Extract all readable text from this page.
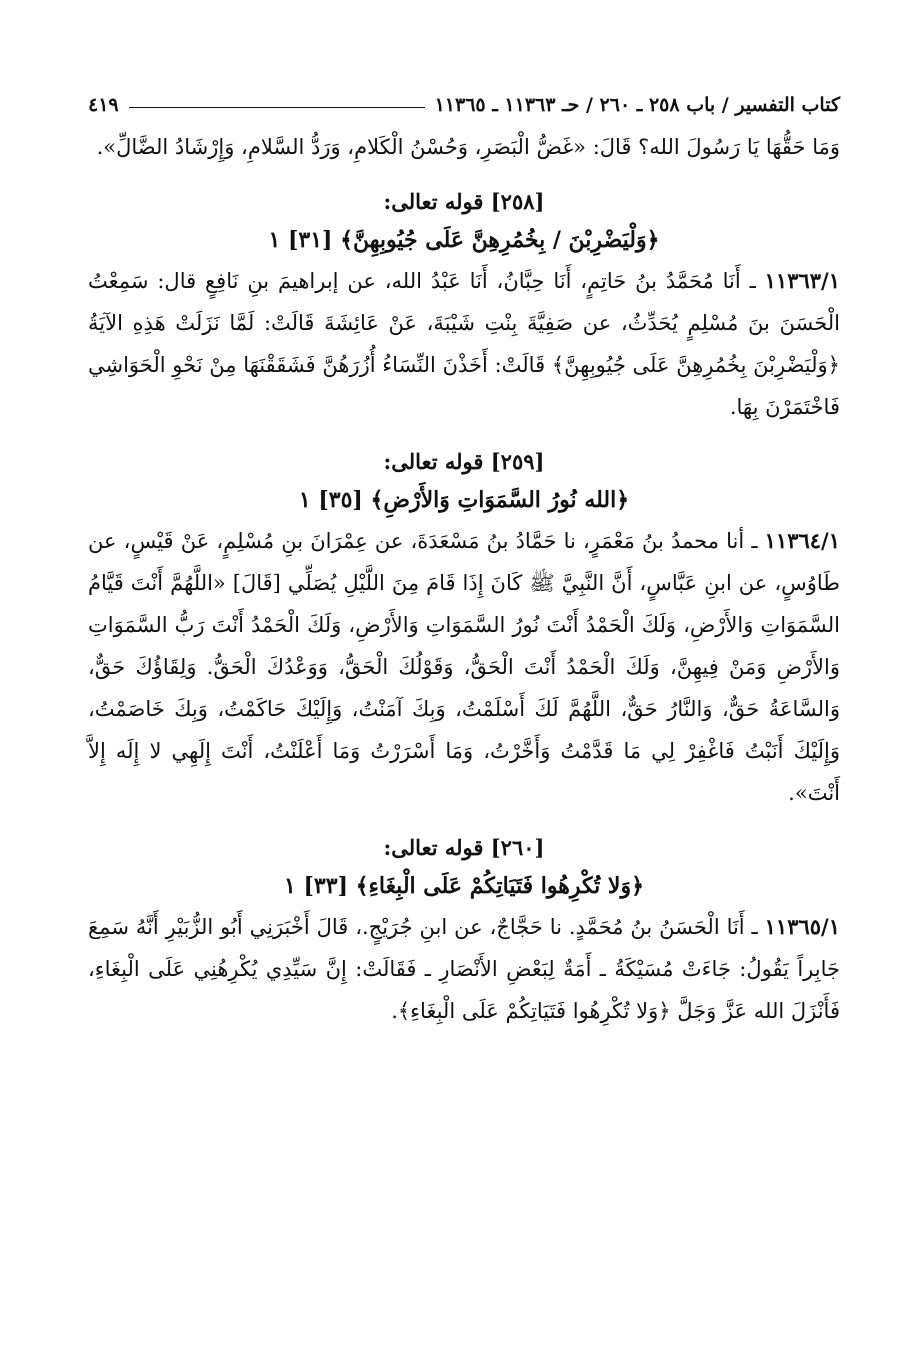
كتاب التفسير / باب ٢٥٨ ـ ٢٦٠ / حـ ١١٣٦٣ ـ ١١٣٦٥
٤١٩

وَمَا حَقُّهَا يَا رَسُولَ الله؟ قَالَ: «غَضُّ الْبَصَرِ، وَحُسْنُ الْكَلامِ، وَرَدُّ السَّلامِ، وَإِرْشَادُ الضَّالِّ».

[٢٥٨] قوله تعالى:
﴿وَلْيَضْرِبْنَ / بِخُمُرِهِنَّ عَلَى جُيُوبِهِنَّ﴾ [٣١] ١

١١٣٦٣/١ ـ أَنَا مُحَمَّدُ بنُ حَاتِمٍ، أَنَا حِبَّانُ، أَنَا عَبْدُ الله، عن إبراهيمَ بنِ نَافِعٍ قال: سَمِعْتُ الْحَسَنَ بنَ مُسْلِمٍ يُحَدِّثُ، عن صَفِيَّةَ بِنْتِ شَيْبَةَ، عَنْ عَائِشَةَ قَالَتْ: لَمَّا نَزَلَتْ هَذِهِ الآيَةُ ﴿وَلْيَضْرِبْنَ بِخُمُرِهِنَّ عَلَى جُيُوبِهِنَّ﴾ قَالَتْ: أَخَذْنَ النِّسَاءُ أُزُرَهُنَّ فَشَقَقْنَهَا مِنْ نَحْوِ الْحَوَاشِي فَاخْتَمَرْنَ بِهَا.

[٢٥٩] قوله تعالى:
﴿الله نُورُ السَّمَوَاتِ وَالأَرْضِ﴾ [٣٥] ١

١١٣٦٤/١ ـ أنا محمدُ بنُ مَعْمَرٍ، نا حَمَّادُ بنُ مَسْعَدَةَ، عن عِمْرَانَ بنِ مُسْلِمٍ، عَنْ قَيْسٍ، عن طَاوُسٍ، عن ابنِ عَبَّاسٍ، أَنَّ النَّبِيَّ ﷺ كَانَ إِذَا قَامَ مِنَ اللَّيْلِ يُصَلِّي [قَالَ] «اللَّهُمَّ أَنْتَ قَيَّامُ السَّمَوَاتِ وَالأَرْضِ، وَلَكَ الْحَمْدُ أَنْتَ نُورُ السَّمَوَاتِ وَالأَرْضِ، وَلَكَ الْحَمْدُ أَنْتَ رَبُّ السَّمَوَاتِ وَالأَرْضِ وَمَنْ فِيهِنَّ، وَلَكَ الْحَمْدُ أَنْتَ الْحَقُّ، وَقَوْلُكَ الْحَقُّ، وَوَعْدُكَ الْحَقُّ. وَلِقَاؤُكَ حَقٌّ، وَالسَّاعَةُ حَقٌّ، وَالنَّارُ حَقٌّ، اللَّهُمَّ لَكَ أَسْلَمْتُ، وَبِكَ آمَنْتُ، وَإِلَيْكَ حَاكَمْتُ، وَبِكَ خَاصَمْتُ، وَإِلَيْكَ أَنَبْتُ فَاغْفِرْ لِي مَا قَدَّمْتُ وَأَخَّرْتُ، وَمَا أَسْرَرْتُ وَمَا أَعْلَنْتُ، أَنْتَ إِلَهِي لا إِلَه إِلاَّ أَنْتَ».

[٢٦٠] قوله تعالى:
﴿وَلا تُكْرِهُوا فَتَيَاتِكُمْ عَلَى الْبِغَاءِ﴾ [٣٣] ١

١١٣٦٥/١ ـ أَنَا الْحَسَنُ بنُ مُحَمَّدٍ. نا حَجَّاجٌ، عن ابنِ جُرَيْجٍ.، قَالَ أَخْبَرَنِي أَبُو الزُّبَيْرِ أَنَّهُ سَمِعَ جَابِراً يَقُولُ: جَاءَتْ مُسَيْكَةُ ـ أَمَةٌ لِبَعْضِ الأَنْصَارِ ـ فَقَالَتْ: إِنَّ سَيِّدِي يُكْرِهُنِي عَلَى الْبِغَاءِ، فَأَنْزَلَ الله عَزَّ وَجَلَّ ﴿وَلا تُكْرِهُوا فَتَيَاتِكُمْ عَلَى الْبِغَاءِ﴾.
